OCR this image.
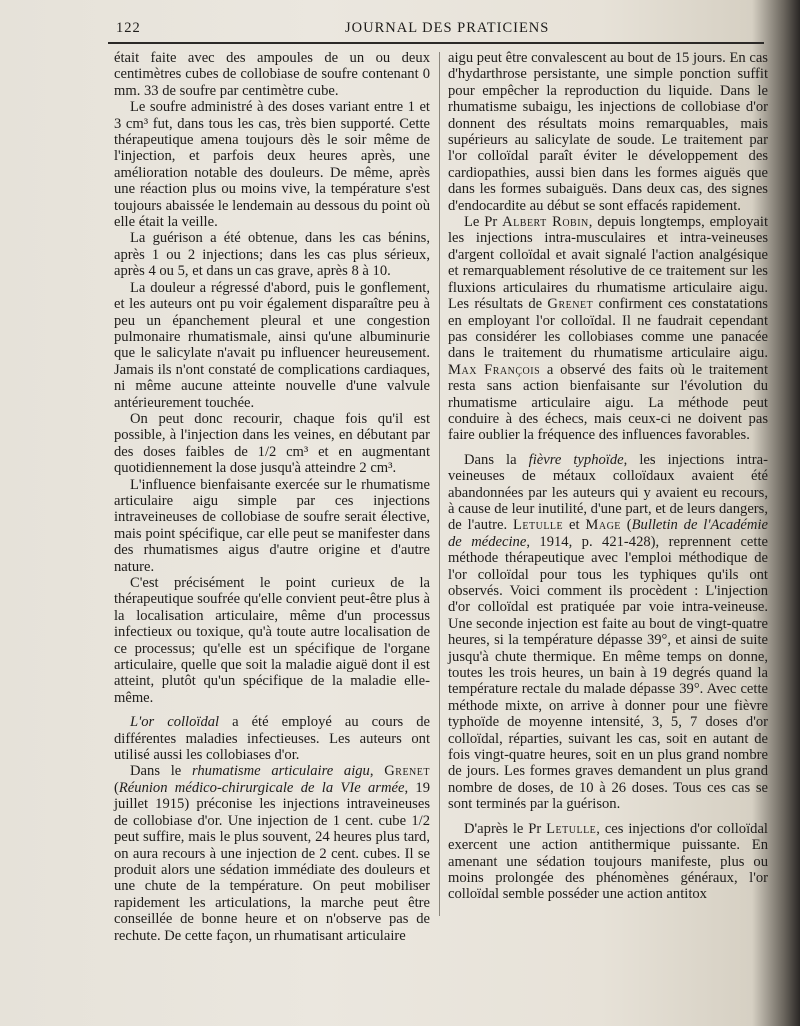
122	JOURNAL DES PRATICIENS

était faite avec des ampoules de un ou deux centimètres cubes de collobiase de soufre contenant 0 mm. 33 de soufre par centimètre cube.

Le soufre administré à des doses variant entre 1 et 3 cm³ fut, dans tous les cas, très bien supporté. Cette thérapeutique amena toujours dès le soir même de l'injection, et parfois deux heures après, une amélioration notable des douleurs. De même, après une réaction plus ou moins vive, la température s'est toujours abaissée le lendemain au dessous du point où elle était la veille.

La guérison a été obtenue, dans les cas bénins, après 1 ou 2 injections; dans les cas plus sérieux, après 4 ou 5, et dans un cas grave, après 8 à 10.

La douleur a régressé d'abord, puis le gonflement, et les auteurs ont pu voir également disparaître peu à peu un épanchement pleural et une congestion pulmonaire rhumatismale, ainsi qu'une albuminurie que le salicylate n'avait pu influencer heureusement. Jamais ils n'ont constaté de complications cardiaques, ni même aucune atteinte nouvelle d'une valvule antérieurement touchée.

On peut donc recourir, chaque fois qu'il est possible, à l'injection dans les veines, en débutant par des doses faibles de 1/2 cm³ et en augmentant quotidiennement la dose jusqu'à atteindre 2 cm³.

L'influence bienfaisante exercée sur le rhumatisme articulaire aigu simple par ces injections intraveineuses de collobiase de soufre serait élective, mais point spécifique, car elle peut se manifester dans des rhumatismes aigus d'autre origine et d'autre nature.

C'est précisément le point curieux de la thérapeutique soufrée qu'elle convient peut-être plus à la localisation articulaire, même d'un processus infectieux ou toxique, qu'à toute autre localisation de ce processus; qu'elle est un spécifique de l'organe articulaire, quelle que soit la maladie aiguë dont il est atteint, plutôt qu'un spécifique de la maladie elle-même.

L'or colloïdal a été employé au cours de différentes maladies infectieuses. Les auteurs ont utilisé aussi les collobiases d'or.

Dans le rhumatisme articulaire aigu, Grenet (Réunion médico-chirurgicale de la VIe armée, 19 juillet 1915) préconise les injections intraveineuses de collobiase d'or. Une injection de 1 cent. cube 1/2 peut suffire, mais le plus souvent, 24 heures plus tard, on aura recours à une injection de 2 cent. cubes. Il se produit alors une sédation immédiate des douleurs et une chute de la température. On peut mobiliser rapidement les articulations, la marche peut être conseillée de bonne heure et on n'observe pas de rechute. De cette façon, un rhumatisant articulaire

aigu peut être convalescent au bout de 15 jours. En cas d'hydarthrose persistante, une simple ponction suffit pour empêcher la reproduction du liquide. Dans le rhumatisme subaigu, les injections de collobiase d'or donnent des résultats moins remarquables, mais supérieurs au salicylate de soude. Le traitement par l'or colloïdal paraît éviter le développement des cardiopathies, aussi bien dans les formes aiguës que dans les formes subaiguës. Dans deux cas, des signes d'endocardite au début se sont effacés rapidement.

Le Pr Albert Robin, depuis longtemps, employait les injections intra-musculaires et intra-veineuses d'argent colloïdal et avait signalé l'action analgésique et remarquablement résolutive de ce traitement sur les fluxions articulaires du rhumatisme articulaire aigu. Les résultats de Grenet confirment ces constatations en employant l'or colloïdal. Il ne faudrait cependant pas considérer les collobiases comme une panacée dans le traitement du rhumatisme articulaire aigu. Max François a observé des faits où le traitement resta sans action bienfaisante sur l'évolution du rhumatisme articulaire aigu. La méthode peut conduire à des échecs, mais ceux-ci ne doivent pas faire oublier la fréquence des influences favorables.

Dans la fièvre typhoïde, les injections intra-veineuses de métaux colloïdaux avaient été abandonnées par les auteurs qui y avaient eu recours, à cause de leur inutilité, d'une part, et de leurs dangers, de l'autre. Letulle et Mage (Bulletin de l'Académie de médecine, 1914, p. 421-428), reprennent cette méthode thérapeutique avec l'emploi méthodique de l'or colloïdal pour tous les typhiques qu'ils ont observés. Voici comment ils procèdent : L'injection d'or colloïdal est pratiquée par voie intra-veineuse. Une seconde injection est faite au bout de vingt-quatre heures, si la température dépasse 39°, et ainsi de suite jusqu'à chute thermique. En même temps on donne, toutes les trois heures, un bain à 19 degrés quand la température rectale du malade dépasse 39°. Avec cette méthode mixte, on arrive à donner pour une fièvre typhoïde de moyenne intensité, 3, 5, 7 doses d'or colloïdal, réparties, suivant les cas, soit en autant de fois vingt-quatre heures, soit en un plus grand nombre de jours. Les formes graves demandent un plus grand nombre de doses, de 10 à 26 doses. Tous ces cas se sont terminés par la guérison.

D'après le Pr Letulle, ces injections d'or colloïdal exercent une action antithermique puissante. En amenant une sédation toujours manifeste, plus ou moins prolongée des phénomènes généraux, l'or colloïdal semble posséder une action antitox
